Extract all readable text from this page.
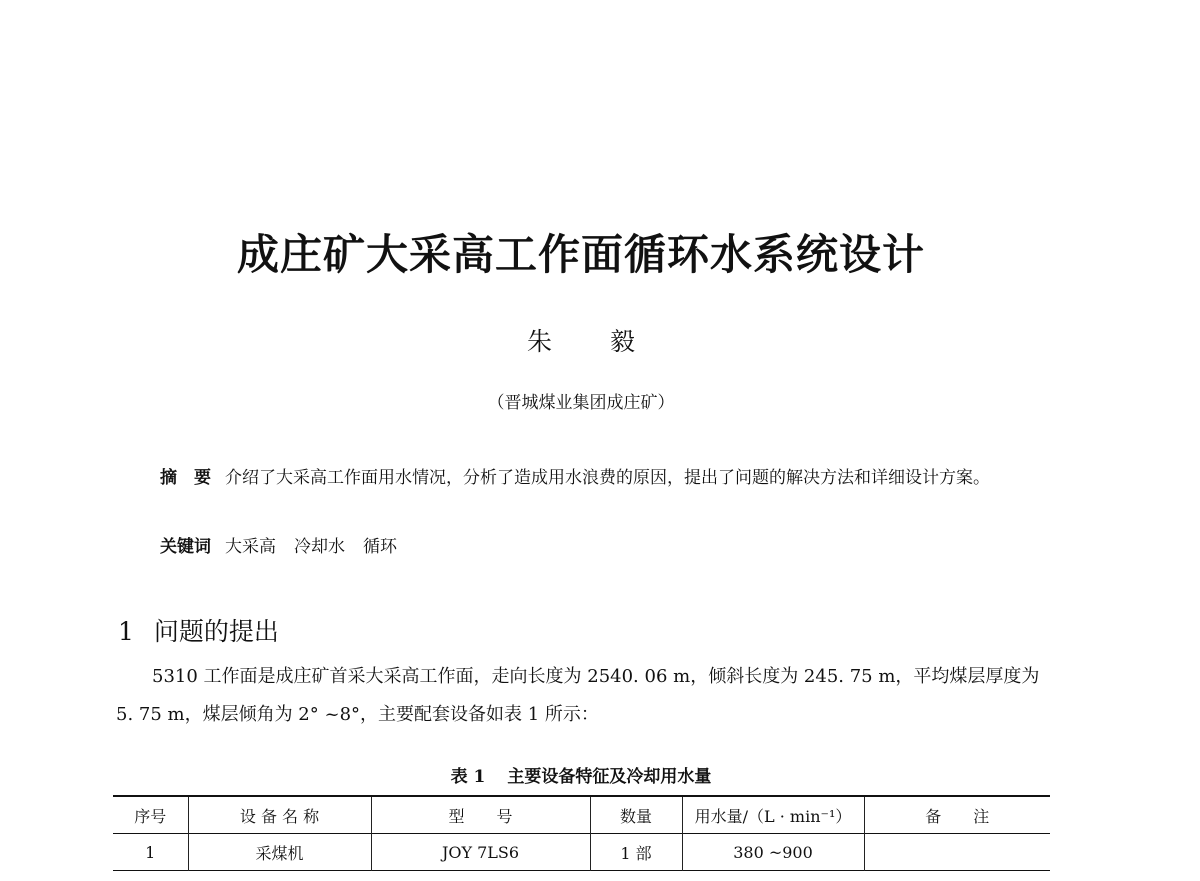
成庄矿大采高工作面循环水系统设计
朱 毅
（晋城煤业集团成庄矿）
摘　要 介绍了大采高工作面用水情况，分析了造成用水浪费的原因，提出了问题的解决方法和详细设计方案。
关键词 大采高 冷却水 循环
1 问题的提出
5310 工作面是成庄矿首采大采高工作面，走向长度为 2540. 06 m，倾斜长度为 245. 75 m，平均煤层厚度为 5. 75 m，煤层倾角为 2° ~8°，主要配套设备如表 1 所示：
表 1 主要设备特征及冷却用水量
序号	设 备 名 称	型　　号	数量	用水量/（L · min⁻¹）	备　　注
1	采煤机	JOY 7LS6	1 部	380 ~900	
